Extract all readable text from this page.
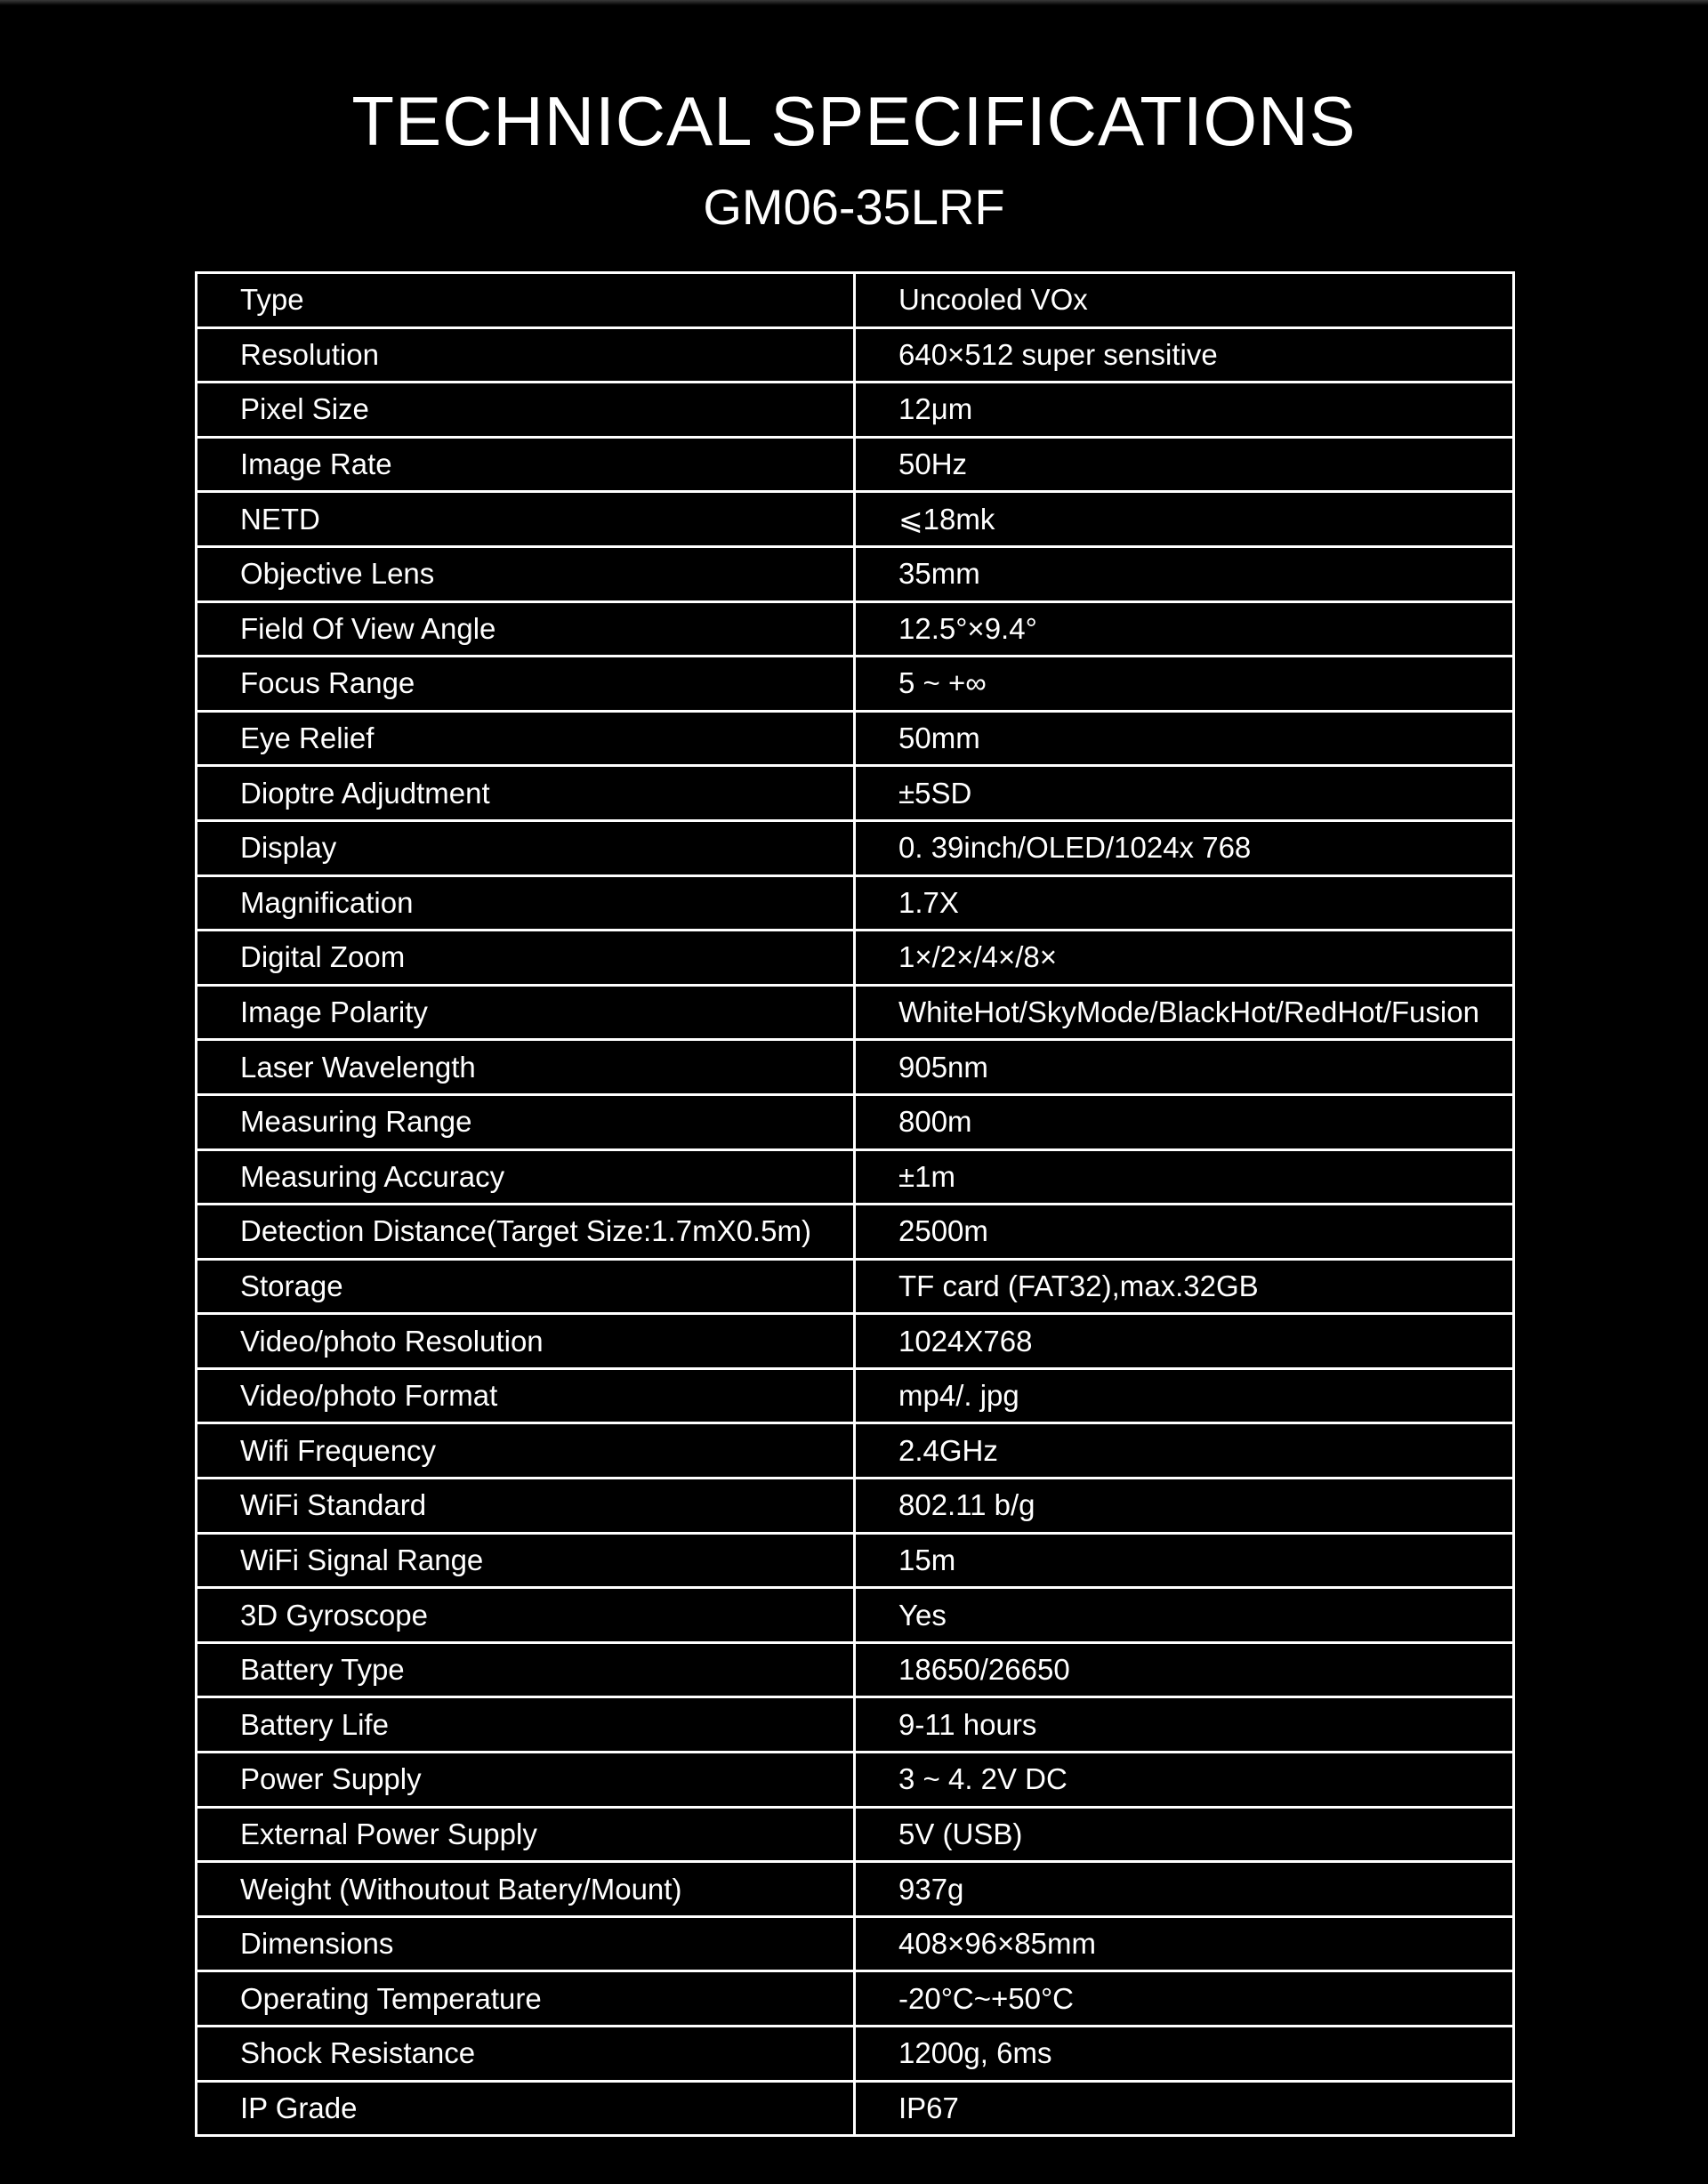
TECHNICAL SPECIFICATIONS
GM06-35LRF
Type	Uncooled VOx
Resolution	640×512 super sensitive
Pixel Size	12μm
Image Rate	50Hz
NETD	⩽18mk
Objective Lens	35mm
Field Of View Angle	12.5°×9.4°
Focus Range	5 ~ +∞
Eye Relief	50mm
Dioptre Adjudtment	±5SD
Display	0. 39inch/OLED/1024x 768
Magnification	1.7X
Digital Zoom	1×/2×/4×/8×
Image Polarity	WhiteHot/SkyMode/BlackHot/RedHot/Fusion
Laser Wavelength	905nm
Measuring Range	800m
Measuring Accuracy	±1m
Detection Distance(Target Size:1.7mX0.5m)	2500m
Storage	TF card (FAT32),max.32GB
Video/photo Resolution	1024X768
Video/photo Format	mp4/. jpg
Wifi Frequency	2.4GHz
WiFi Standard	802.11 b/g
WiFi Signal Range	15m
3D Gyroscope	Yes
Battery Type	18650/26650
Battery Life	9-11 hours
Power Supply	3 ~ 4. 2V DC
External Power Supply	5V (USB)
Weight (Withoutout Batery/Mount)	937g
Dimensions	408×96×85mm
Operating Temperature	-20°C~+50°C
Shock Resistance	1200g, 6ms
IP Grade	IP67
